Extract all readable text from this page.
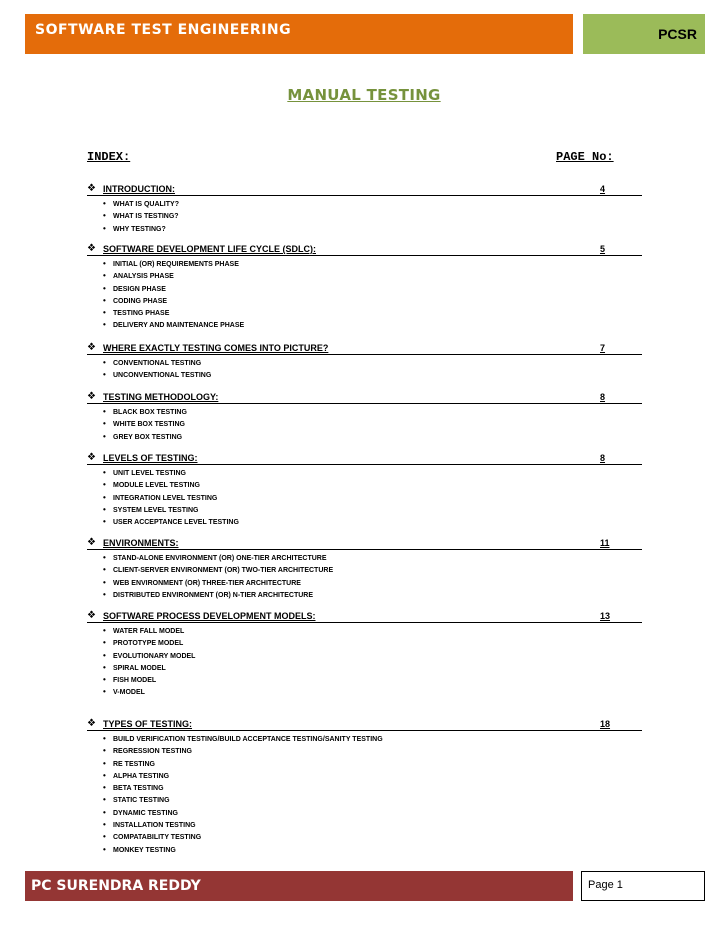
SOFTWARE TEST ENGINEERING	PCSR
MANUAL TESTING
INDEX:	PAGE No:
❖ INTRODUCTION:	4
• WHAT IS QUALITY?
• WHAT IS TESTING?
• WHY TESTING?
❖ SOFTWARE DEVELOPMENT LIFE CYCLE (SDLC):	5
• INITIAL (OR) REQUIREMENTS PHASE
• ANALYSIS PHASE
• DESIGN PHASE
• CODING PHASE
• TESTING PHASE
• DELIVERY AND MAINTENANCE PHASE
❖ WHERE EXACTLY TESTING COMES INTO PICTURE?	7
• CONVENTIONAL TESTING
• UNCONVENTIONAL TESTING
❖ TESTING METHODOLOGY:	8
• BLACK BOX TESTING
• WHITE BOX TESTING
• GREY BOX TESTING
❖ LEVELS OF TESTING:	8
• UNIT LEVEL TESTING
• MODULE LEVEL TESTING
• INTEGRATION LEVEL TESTING
• SYSTEM LEVEL TESTING
• USER ACCEPTANCE LEVEL TESTING
❖ ENVIRONMENTS:	11
• STAND-ALONE ENVIRONMENT (OR) ONE-TIER ARCHITECTURE
• CLIENT-SERVER ENVIRONMENT (OR) TWO-TIER ARCHITECTURE
• WEB ENVIRONMENT (OR) THREE-TIER ARCHITECTURE
• DISTRIBUTED ENVIRONMENT (OR) N-TIER ARCHITECTURE
❖ SOFTWARE PROCESS DEVELOPMENT MODELS:	13
• WATER FALL MODEL
• PROTOTYPE MODEL
• EVOLUTIONARY MODEL
• SPIRAL MODEL
• FISH MODEL
• V-MODEL
❖ TYPES OF TESTING:	18
• BUILD VERIFICATION TESTING/BUILD ACCEPTANCE TESTING/SANITY TESTING
• REGRESSION TESTING
• RE TESTING
• ALPHA TESTING
• BETA TESTING
• STATIC TESTING
• DYNAMIC TESTING
• INSTALLATION TESTING
• COMPATABILITY TESTING
• MONKEY TESTING
PC SURENDRA REDDY	Page 1
